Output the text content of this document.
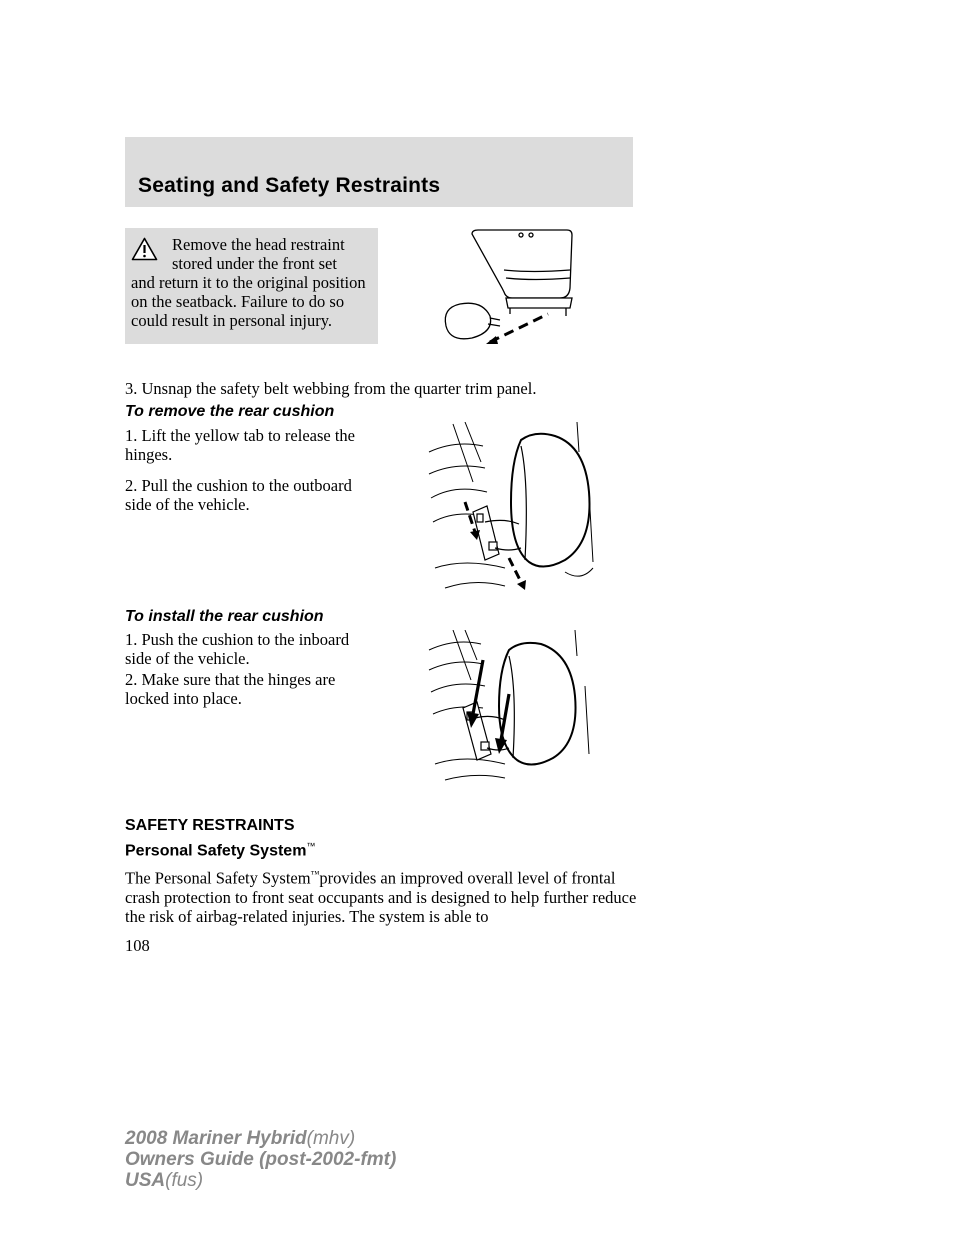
Seating and Safety Restraints
Remove the head restraint
stored under the front set
and return it to the original position on the seatback. Failure to do so could result in personal injury.

3. Unsnap the safety belt webbing from the quarter trim panel.

To remove the rear cushion

1. Lift the yellow tab to release the hinges.

2. Pull the cushion to the outboard side of the vehicle.

To install the rear cushion

1. Push the cushion to the inboard side of the vehicle.

2. Make sure that the hinges are locked into place.

SAFETY RESTRAINTS
Personal Safety System™

The Personal Safety System™provides an improved overall level of frontal crash protection to front seat occupants and is designed to help further reduce the risk of airbag-related injuries. The system is able to

108

2008 Mariner Hybrid(mhv)
Owners Guide (post-2002-fmt)
USA(fus)
